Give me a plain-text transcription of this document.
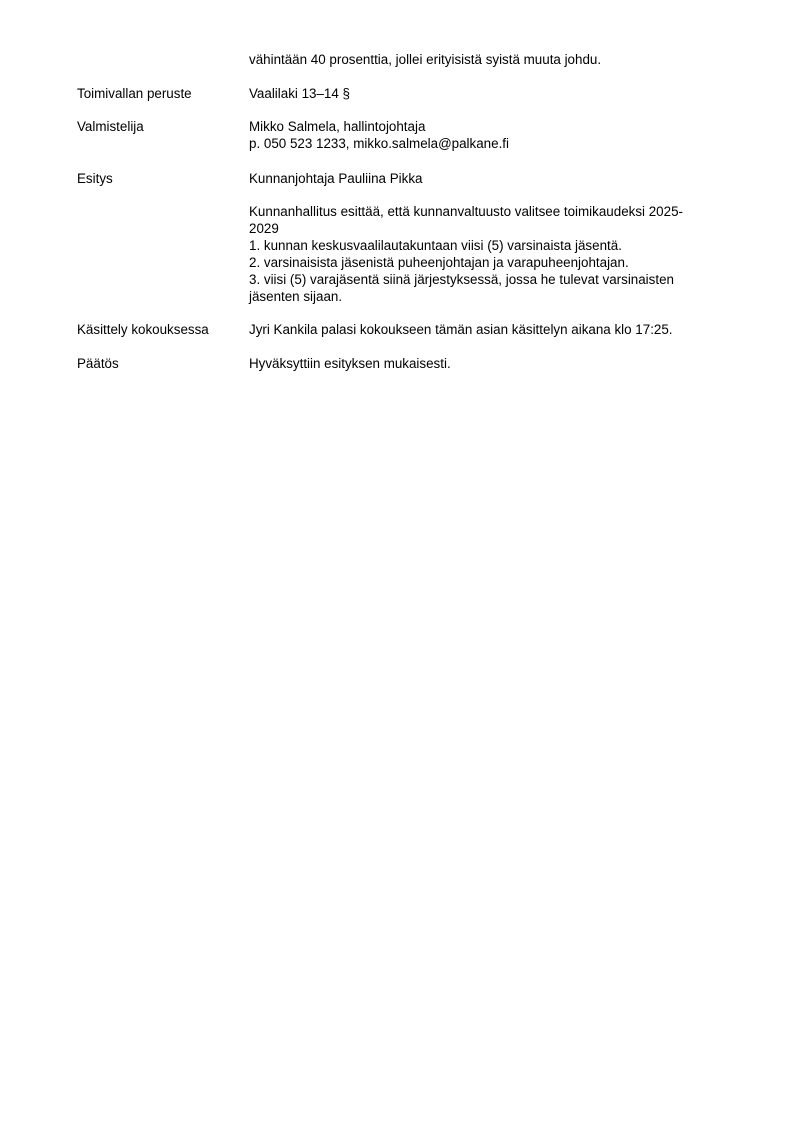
vähintään 40 prosenttia, jollei erityisistä syistä muuta johdu.
Toimivallan peruste	Vaalilaki 13–14 §
Valmistelija	Mikko Salmela, hallintojohtaja
p. 050 523 1233, mikko.salmela@palkane.fi
Esitys	Kunnanjohtaja Pauliina Pikka
Kunnanhallitus esittää, että kunnanvaltuusto valitsee toimikaudeksi 2025-
2029
1. kunnan keskusvaalilautakuntaan viisi (5) varsinaista jäsentä.
2. varsinaisista jäsenistä puheenjohtajan ja varapuheenjohtajan.
3. viisi (5) varajäsentä siinä järjestyksessä, jossa he tulevat varsinaisten
jäsenten sijaan.
Käsittely kokouksessa	Jyri Kankila palasi kokoukseen tämän asian käsittelyn aikana klo 17:25.
Päätös	Hyväksyttiin esityksen mukaisesti.
